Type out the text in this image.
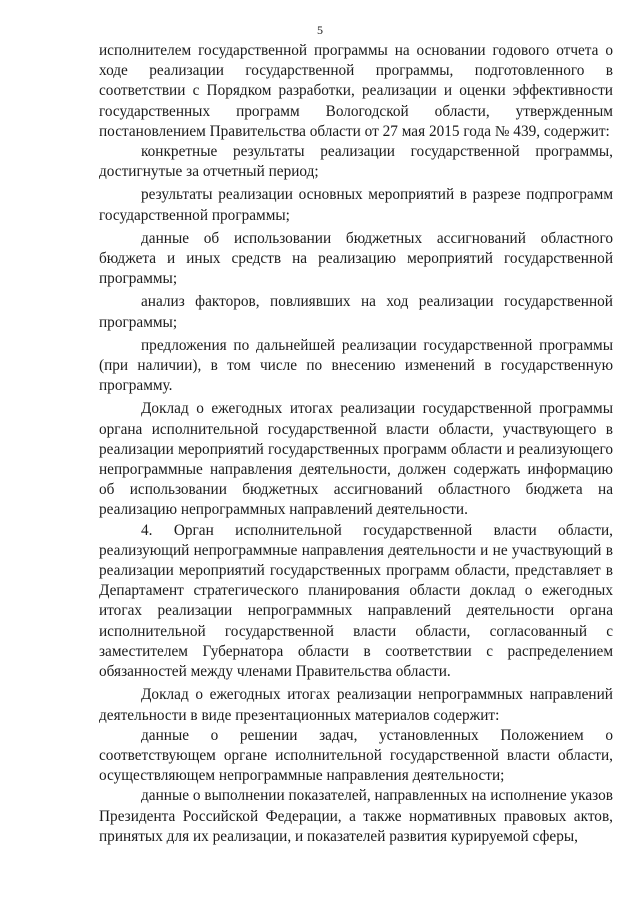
5

исполнителем государственной программы на основании годового отчета о ходе реализации государственной программы, подготовленного в соответствии с Порядком разработки, реализации и оценки эффективности государственных программ Вологодской области, утвержденным постановлением Правительства области от 27 мая 2015 года № 439, содержит:

конкретные результаты реализации государственной программы, достигнутые за отчетный период;

результаты реализации основных мероприятий в разрезе подпрограмм государственной программы;

данные об использовании бюджетных ассигнований областного бюджета и иных средств на реализацию мероприятий государственной программы;

анализ факторов, повлиявших на ход реализации государственной программы;

предложения по дальнейшей реализации государственной программы (при наличии), в том числе по внесению изменений в государственную программу.

Доклад о ежегодных итогах реализации государственной программы органа исполнительной государственной власти области, участвующего в реализации мероприятий государственных программ области и реализующего непрограммные направления деятельности, должен содержать информацию об использовании бюджетных ассигнований областного бюджета на реализацию непрограммных направлений деятельности.

4. Орган исполнительной государственной власти области, реализующий непрограммные направления деятельности и не участвующий в реализации мероприятий государственных программ области, представляет в Департамент стратегического планирования области доклад о ежегодных итогах реализации непрограммных направлений деятельности органа исполнительной государственной власти области, согласованный с заместителем Губернатора области в соответствии с распределением обязанностей между членами Правительства области.

Доклад о ежегодных итогах реализации непрограммных направлений деятельности в виде презентационных материалов содержит:

данные о решении задач, установленных Положением о соответствующем органе исполнительной государственной власти области, осуществляющем непрограммные направления деятельности;

данные о выполнении показателей, направленных на исполнение указов Президента Российской Федерации, а также нормативных правовых актов, принятых для их реализации, и показателей развития курируемой сферы,
